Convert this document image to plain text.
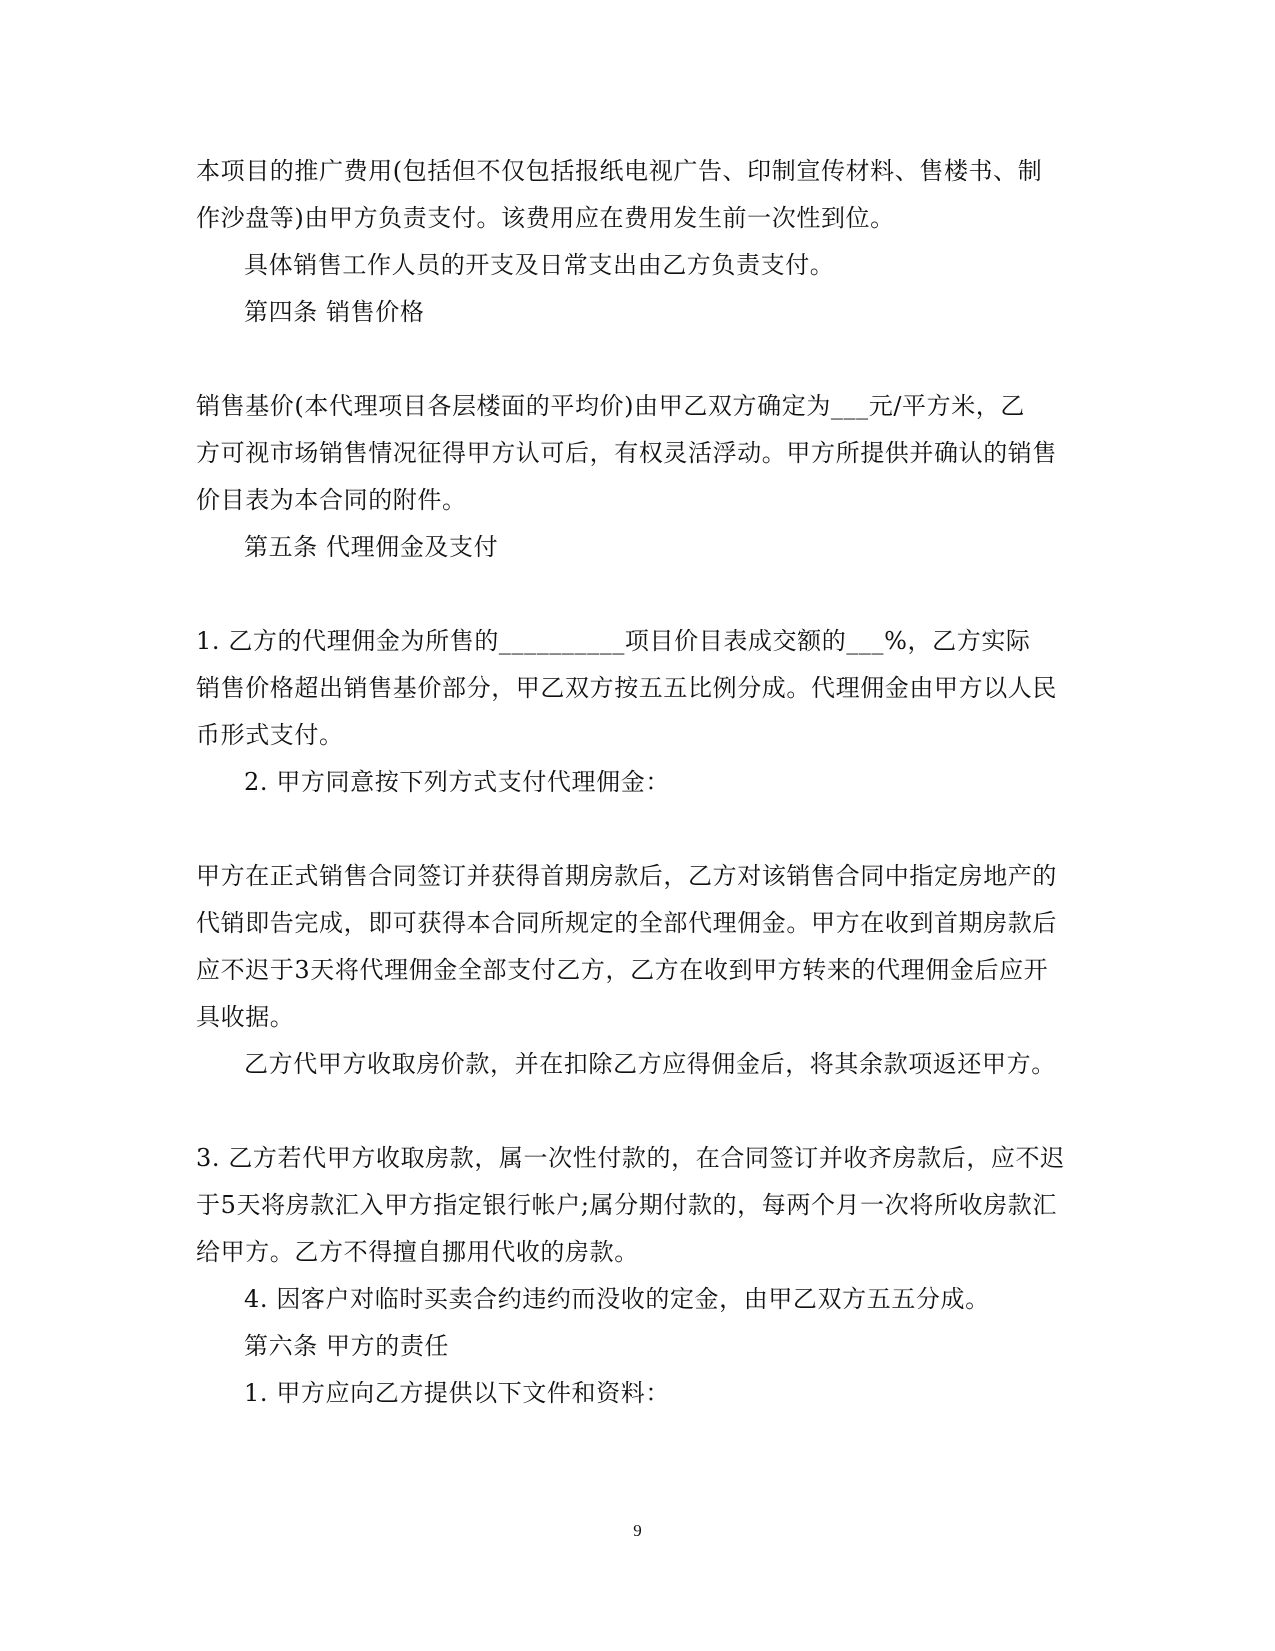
本项目的推广费用(包括但不仅包括报纸电视广告、印制宣传材料、售楼书、制
作沙盘等)由甲方负责支付。该费用应在费用发生前一次性到位。
具体销售工作人员的开支及日常支出由乙方负责支付。
第四条 销售价格
销售基价(本代理项目各层楼面的平均价)由甲乙双方确定为___元/平方米，乙
方可视市场销售情况征得甲方认可后，有权灵活浮动。甲方所提供并确认的销售
价目表为本合同的附件。
第五条 代理佣金及支付
1. 乙方的代理佣金为所售的__________项目价目表成交额的___%，乙方实际
销售价格超出销售基价部分，甲乙双方按五五比例分成。代理佣金由甲方以人民
币形式支付。
2. 甲方同意按下列方式支付代理佣金：
甲方在正式销售合同签订并获得首期房款后，乙方对该销售合同中指定房地产的
代销即告完成，即可获得本合同所规定的全部代理佣金。甲方在收到首期房款后
应不迟于3天将代理佣金全部支付乙方，乙方在收到甲方转来的代理佣金后应开
具收据。
乙方代甲方收取房价款，并在扣除乙方应得佣金后，将其余款项返还甲方。
3. 乙方若代甲方收取房款，属一次性付款的，在合同签订并收齐房款后，应不迟
于5天将房款汇入甲方指定银行帐户;属分期付款的，每两个月一次将所收房款汇
给甲方。乙方不得擅自挪用代收的房款。
4. 因客户对临时买卖合约违约而没收的定金，由甲乙双方五五分成。
第六条 甲方的责任
1. 甲方应向乙方提供以下文件和资料：
9
